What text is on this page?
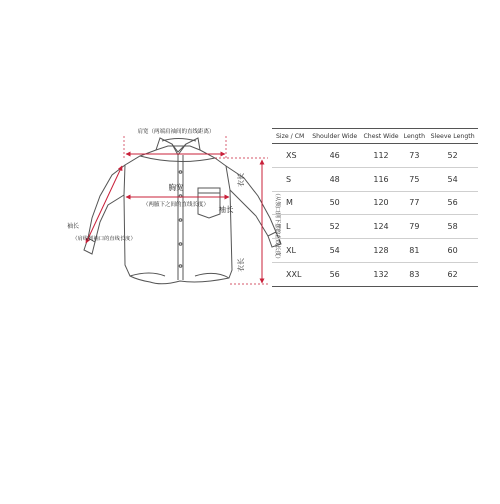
肩宽（两端肩袖间的直线距离）
胸宽
（两腋下之间的直线长度） 袖长
袖长
（肩线到袖口的直线长度）
衣长
衣长
（从领口到下摆的直线长度）
Size / CM	Shoulder Wide	Chest Wide	Length	Sleeve Length
XS	46	112	73	52
S	48	116	75	54
M	50	120	77	56
L	52	124	79	58
XL	54	128	81	60
XXL	56	132	83	62
